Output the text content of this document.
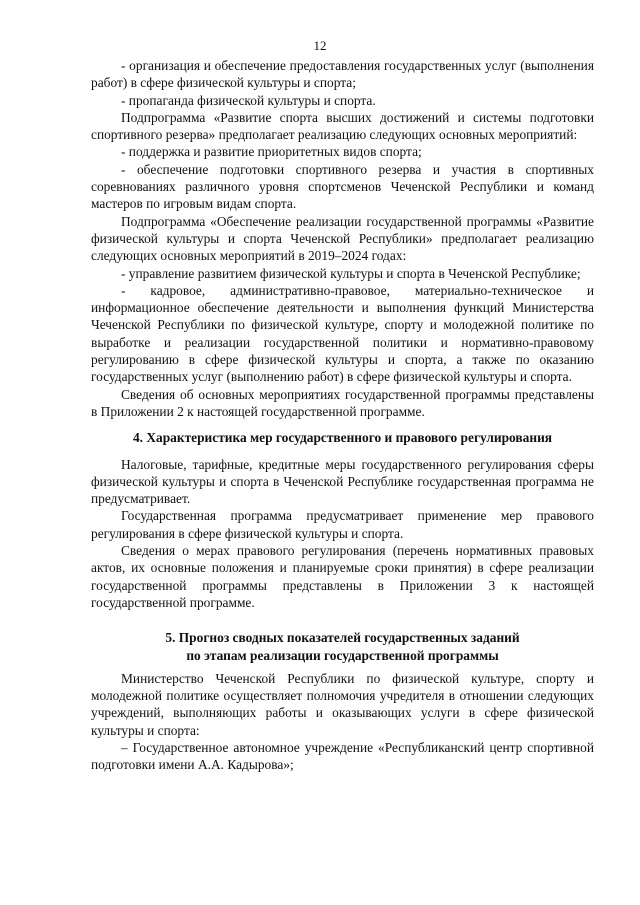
12

- организация и обеспечение предоставления государственных услуг (выполнения работ) в сфере физической культуры и спорта;

- пропаганда физической культуры и спорта.

Подпрограмма «Развитие спорта высших достижений и системы подготовки спортивного резерва» предполагает реализацию следующих основных мероприятий:

- поддержка и развитие приоритетных видов спорта;

- обеспечение подготовки спортивного резерва и участия в спортивных соревнованиях различного уровня спортсменов Чеченской Республики и команд мастеров по игровым видам спорта.

Подпрограмма «Обеспечение реализации государственной программы «Развитие физической культуры и спорта Чеченской Республики» предполагает реализацию следующих основных мероприятий в 2019–2024 годах:

- управление развитием физической культуры и спорта в Чеченской Республике;

- кадровое, административно-правовое, материально-техническое и информационное обеспечение деятельности и выполнения функций Министерства Чеченской Республики по физической культуре, спорту и молодежной политике по выработке и реализации государственной политики и нормативно-правовому регулированию в сфере физической культуры и спорта, а также по оказанию государственных услуг (выполнению работ) в сфере физической культуры и спорта.

Сведения об основных мероприятиях государственной программы представлены в Приложении 2 к настоящей государственной программе.

4. Характеристика мер государственного и правового регулирования

Налоговые, тарифные, кредитные меры государственного регулирования сферы физической культуры и спорта в Чеченской Республике государственная программа не предусматривает.

Государственная программа предусматривает применение мер правового регулирования в сфере физической культуры и спорта.

Сведения о мерах правового регулирования (перечень нормативных правовых актов, их основные положения и планируемые сроки принятия) в сфере реализации государственной программы представлены в Приложении 3 к настоящей государственной программе.

5. Прогноз сводных показателей государственных заданий
по этапам реализации государственной программы

Министерство Чеченской Республики по физической культуре, спорту и молодежной политике осуществляет полномочия учредителя в отношении следующих учреждений, выполняющих работы и оказывающих услуги в сфере физической культуры и спорта:

– Государственное автономное учреждение «Республиканский центр спортивной подготовки имени А.А. Кадырова»;
